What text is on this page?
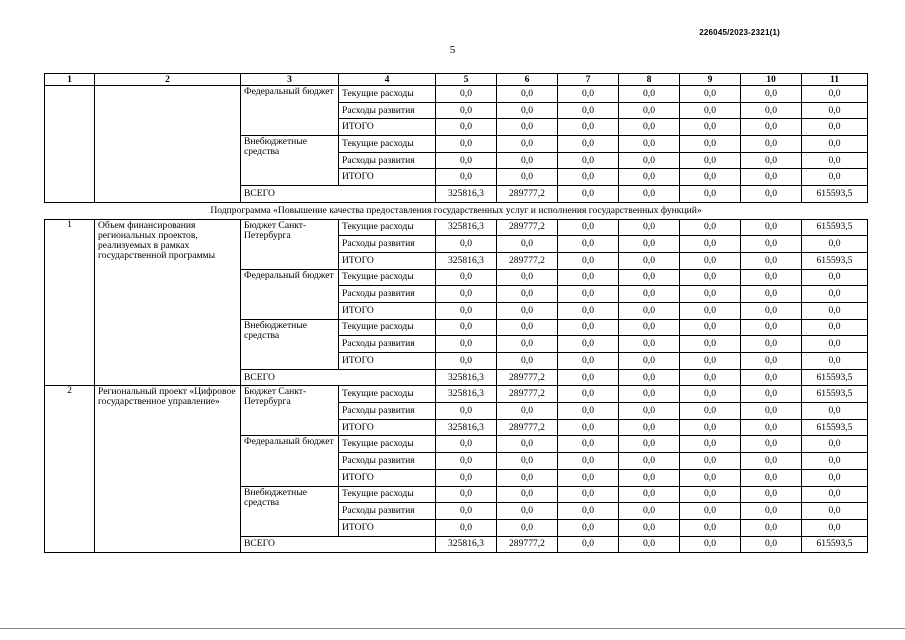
226045/2023-2321(1)
5
1	2	3	4	5	6	7	8	9	10	11
		Федеральный бюджет	Текущие расходы	0,0	0,0	0,0	0,0	0,0	0,0	0,0
			Расходы развития	0,0	0,0	0,0	0,0	0,0	0,0	0,0
			ИТОГО	0,0	0,0	0,0	0,0	0,0	0,0	0,0
		Внебюджетные средства	Текущие расходы	0,0	0,0	0,0	0,0	0,0	0,0	0,0
			Расходы развития	0,0	0,0	0,0	0,0	0,0	0,0	0,0
			ИТОГО	0,0	0,0	0,0	0,0	0,0	0,0	0,0
		ВСЕГО		325816,3	289777,2	0,0	0,0	0,0	0,0	615593,5
Подпрограмма «Повышение качества предоставления государственных услуг и исполнения государственных функций»										
1	Объем финансирования региональных проектов, реализуемых в рамках государственной программы	Бюджет Санкт-Петербурга	Текущие расходы	325816,3	289777,2	0,0	0,0	0,0	0,0	615593,5
			Расходы развития	0,0	0,0	0,0	0,0	0,0	0,0	0,0
			ИТОГО	325816,3	289777,2	0,0	0,0	0,0	0,0	615593,5
		Федеральный бюджет	Текущие расходы	0,0	0,0	0,0	0,0	0,0	0,0	0,0
			Расходы развития	0,0	0,0	0,0	0,0	0,0	0,0	0,0
			ИТОГО	0,0	0,0	0,0	0,0	0,0	0,0	0,0
		Внебюджетные средства	Текущие расходы	0,0	0,0	0,0	0,0	0,0	0,0	0,0
			Расходы развития	0,0	0,0	0,0	0,0	0,0	0,0	0,0
			ИТОГО	0,0	0,0	0,0	0,0	0,0	0,0	0,0
		ВСЕГО		325816,3	289777,2	0,0	0,0	0,0	0,0	615593,5
2	Региональный проект «Цифровое государственное управление»	Бюджет Санкт-Петербурга	Текущие расходы	325816,3	289777,2	0,0	0,0	0,0	0,0	615593,5
			Расходы развития	0,0	0,0	0,0	0,0	0,0	0,0	0,0
			ИТОГО	325816,3	289777,2	0,0	0,0	0,0	0,0	615593,5
		Федеральный бюджет	Текущие расходы	0,0	0,0	0,0	0,0	0,0	0,0	0,0
			Расходы развития	0,0	0,0	0,0	0,0	0,0	0,0	0,0
			ИТОГО	0,0	0,0	0,0	0,0	0,0	0,0	0,0
		Внебюджетные средства	Текущие расходы	0,0	0,0	0,0	0,0	0,0	0,0	0,0
			Расходы развития	0,0	0,0	0,0	0,0	0,0	0,0	0,0
			ИТОГО	0,0	0,0	0,0	0,0	0,0	0,0	0,0
		ВСЕГО		325816,3	289777,2	0,0	0,0	0,0	0,0	615593,5
